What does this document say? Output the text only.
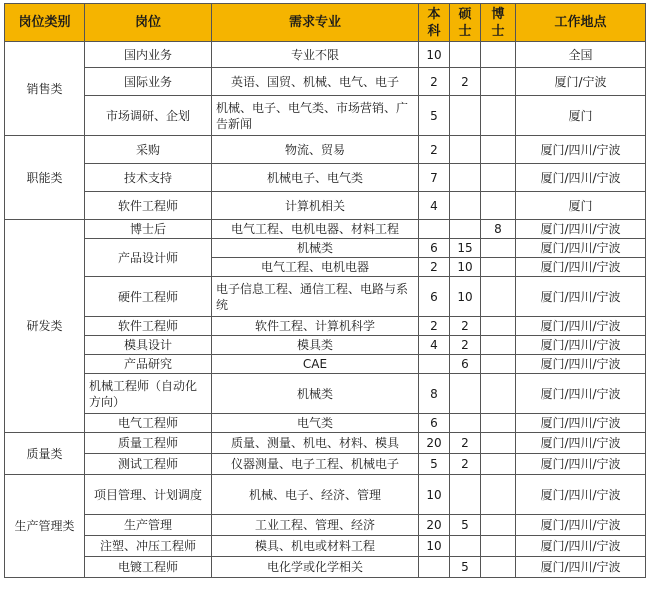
岗位类别	岗位	需求专业	本科	硕士	博士	工作地点
销售类	国内业务	专业不限	10			全国
	国际业务	英语、国贸、机械、电气、电子	2	2		厦门/宁波
	市场调研、企划	机械、电子、电气类、市场营销、广告新闻	5			厦门
职能类	采购	物流、贸易	2			厦门/四川/宁波
	技术支持	机械电子、电气类	7			厦门/四川/宁波
	软件工程师	计算机相关	4			厦门
研发类	博士后	电气工程、电机电器、材料工程			8	厦门/四川/宁波
	产品设计师	机械类	6	15		厦门/四川/宁波
		电气工程、电机电器	2	10		厦门/四川/宁波
	硬件工程师	电子信息工程、通信工程、电路与系统	6	10		厦门/四川/宁波
	软件工程师	软件工程、计算机科学	2	2		厦门/四川/宁波
	模具设计	模具类	4	2		厦门/四川/宁波
	产品研究	CAE		6		厦门/四川/宁波
	机械工程师（自动化方向）	机械类	8			厦门/四川/宁波
	电气工程师	电气类	6			厦门/四川/宁波
质量类	质量工程师	质量、测量、机电、材料、模具	20	2		厦门/四川/宁波
	测试工程师	仪器测量、电子工程、机械电子	5	2		厦门/四川/宁波
生产管理类	项目管理、计划调度	机械、电子、经济、管理	10			厦门/四川/宁波
	生产管理	工业工程、管理、经济	20	5		厦门/四川/宁波
	注塑、冲压工程师	模具、机电或材料工程	10			厦门/四川/宁波
	电镀工程师	电化学或化学相关		5		厦门/四川/宁波
